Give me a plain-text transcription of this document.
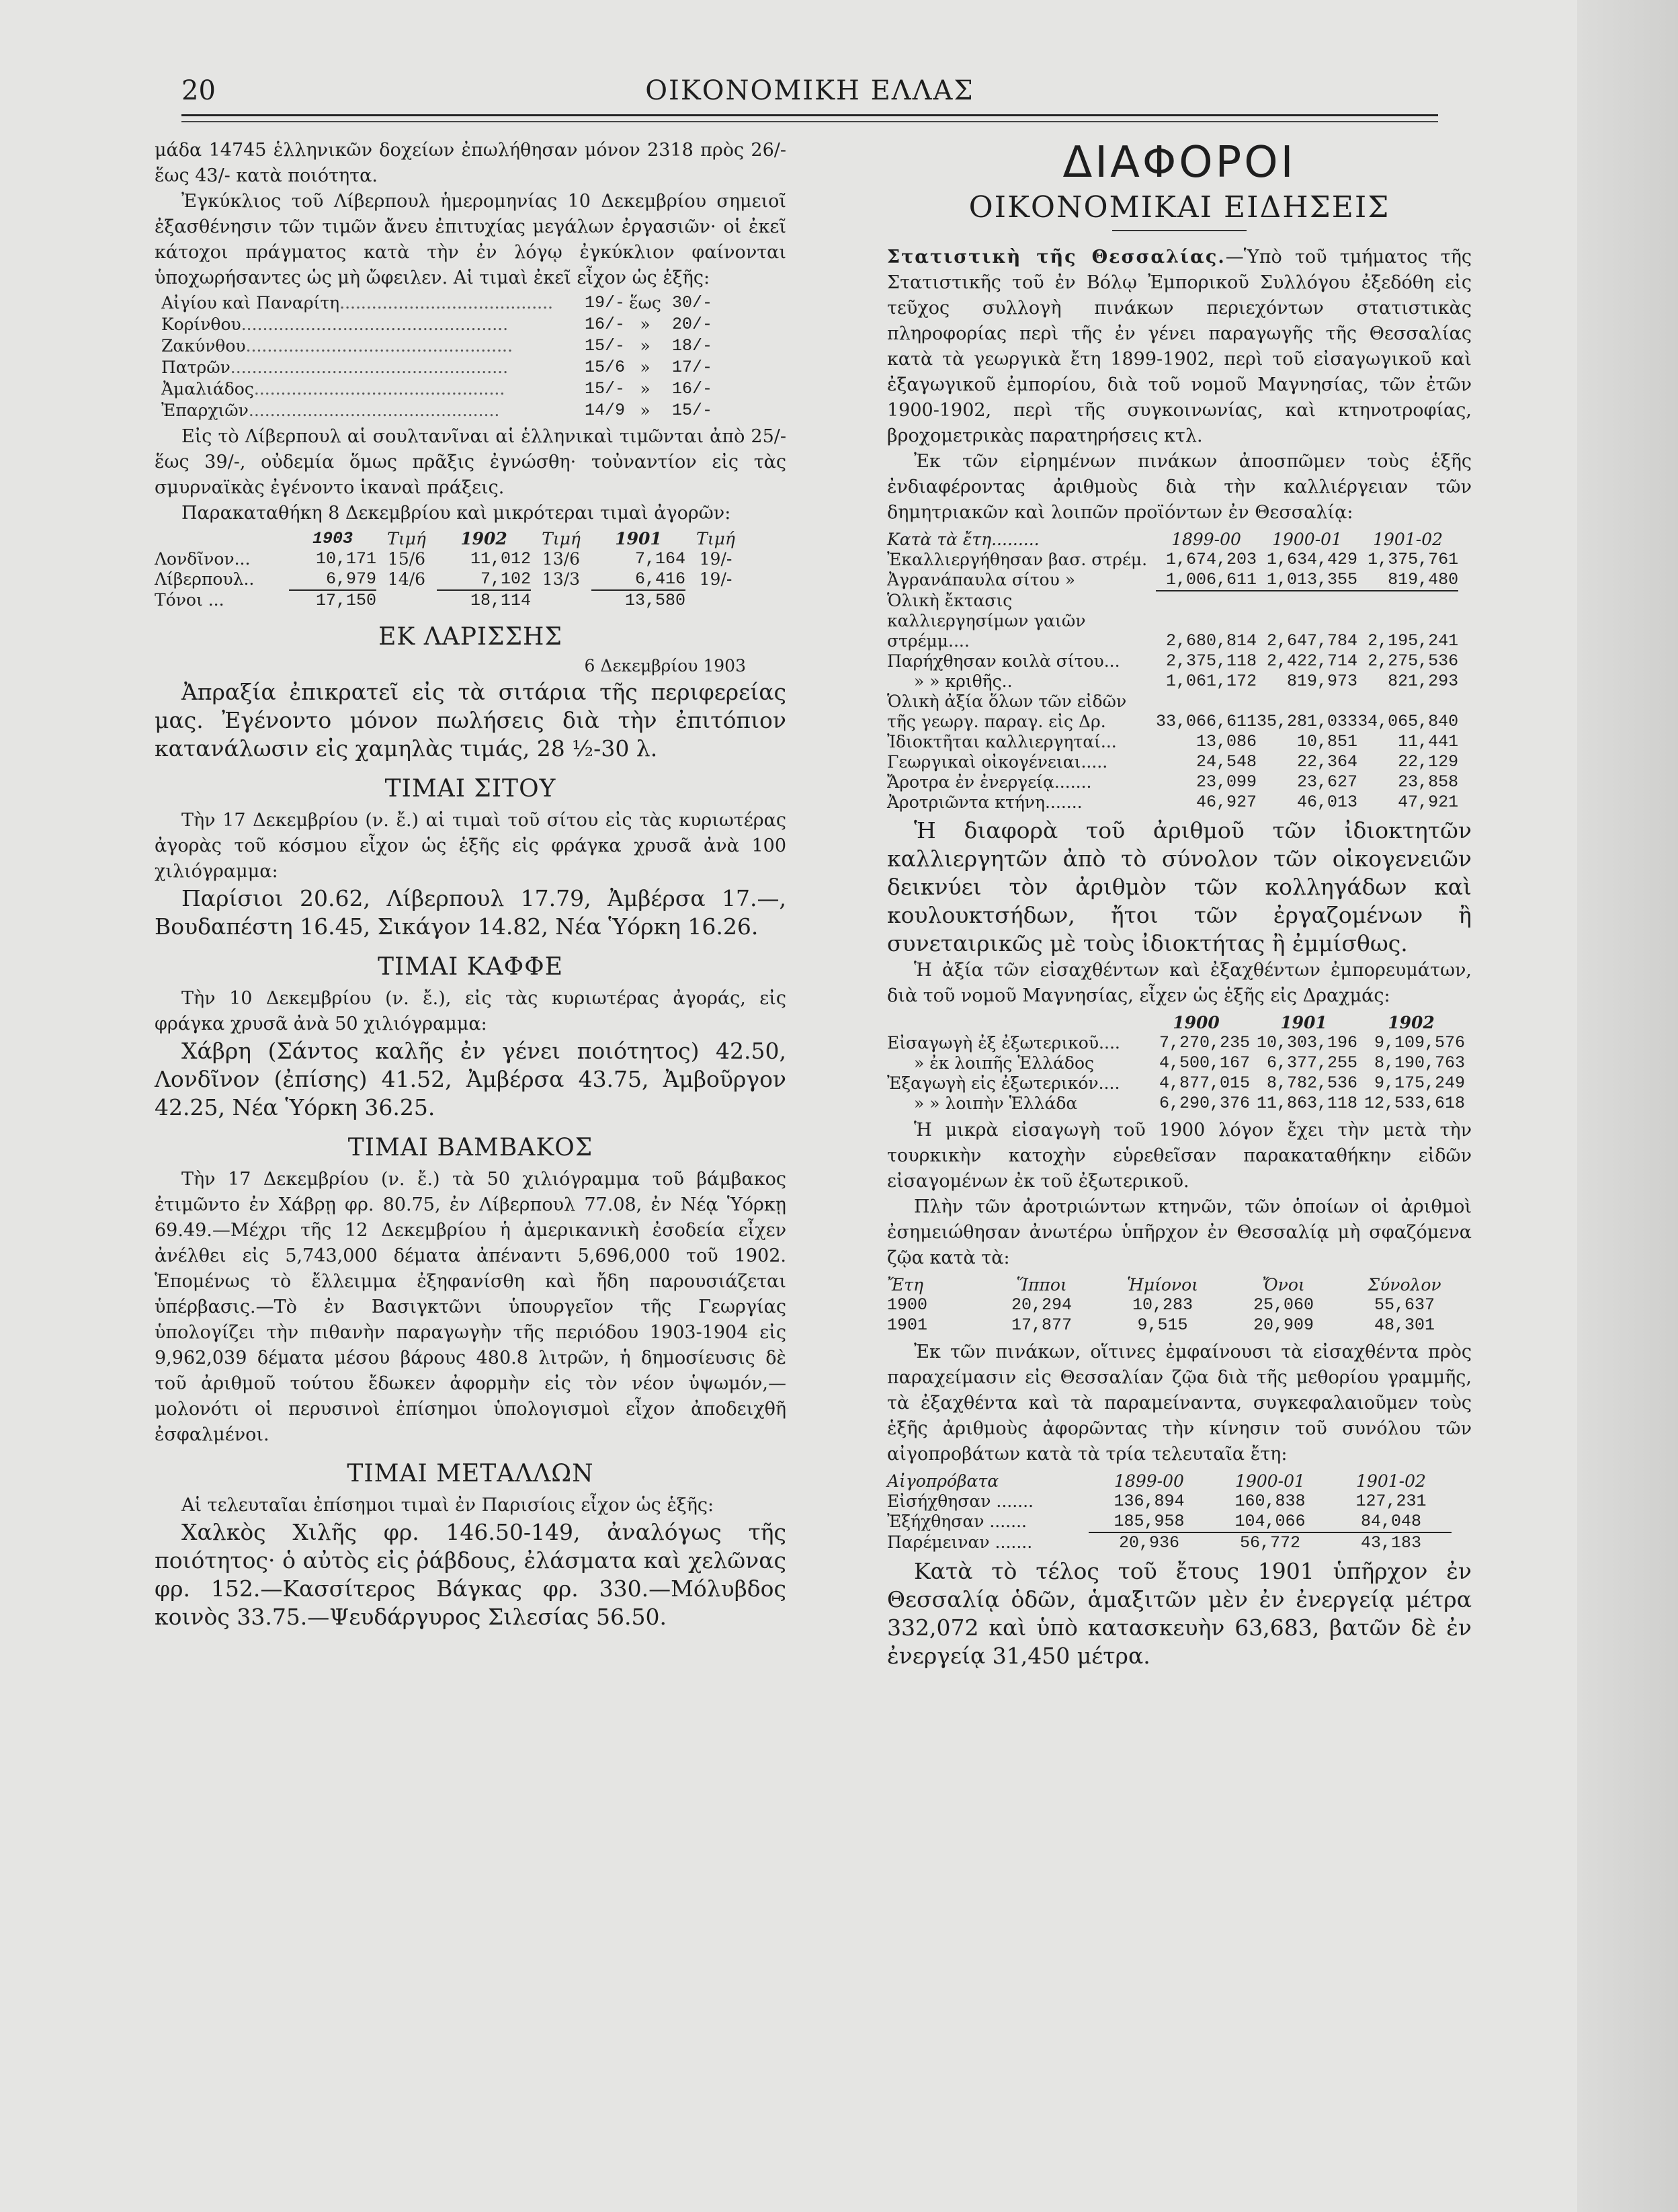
20	ΟΙΚΟΝΟΜΙΚΗ ΕΛΛΑΣ

μάδα 14745 ἑλληνικῶν δοχείων ἐπωλήθησαν μόνον 2318 πρὸς 26/- ἕως 43/- κατὰ ποιότητα.

Ἐγκύκλιος τοῦ Λίβερπουλ ἡμερομηνίας 10 Δεκεμβρίου σημειοῖ ἐξασθένησιν τῶν τιμῶν ἄνευ ἐπιτυχίας μεγάλων ἐργασιῶν· οἱ ἐκεῖ κάτοχοι πράγματος κατὰ τὴν ἐν λόγῳ ἐγκύκλιον φαίνονται ὑποχωρήσαντες ὡς μὴ ὤφειλεν. Αἱ τιμαὶ ἐκεῖ εἶχον ὡς ἑξῆς:

Αἰγίου καὶ Παναρίτη........................................	19/-	ἕως	30/-
Κορίνθου..................................................	16/-	»	20/-
Ζακύνθου..................................................	15/-	»	18/-
Πατρῶν....................................................	15/6	»	17/-
Ἀμαλιάδος...............................................	15/-	»	16/-
Ἐπαρχιῶν...............................................	14/9	»	15/-

Εἰς τὸ Λίβερπουλ αἱ σουλτανῖναι αἱ ἑλληνικαὶ τιμῶνται ἀπὸ 25/- ἕως 39/-, οὐδεμία ὅμως πρᾶξις ἐγνώσθη· τοὐναντίον εἰς τὰς σμυρναϊκὰς ἐγένοντο ἱκαναὶ πράξεις.

Παρακαταθήκη 8 Δεκεμβρίου καὶ μικρότεραι τιμαὶ ἀγορῶν:

	1903	Τιμή	1902	Τιμή	1901	Τιμή
Λονδῖνον...	10,171	15/6	11,012	13/6	7,164	19/-
Λίβερπουλ..	6,979	14/6	7,102	13/3	6,416	19/-
Τόνοι ...	17,150		18,114		13,580	
ΕΚ ΛΑΡΙΣΣΗΣ
6 Δεκεμβρίου 1903

Ἀπραξία ἐπικρατεῖ εἰς τὰ σιτάρια τῆς περιφερείας μας. Ἐγένοντο μόνον πωλήσεις διὰ τὴν ἐπιτόπιον κατανάλωσιν εἰς χαμηλὰς τιμάς, 28 ½-30 λ.

ΤΙΜΑΙ ΣΙΤΟΥ

Τὴν 17 Δεκεμβρίου (ν. ἔ.) αἱ τιμαὶ τοῦ σίτου εἰς τὰς κυριωτέρας ἀγορὰς τοῦ κόσμου εἶχον ὡς ἑξῆς εἰς φράγκα χρυσᾶ ἀνὰ 100 χιλιόγραμμα:

Παρίσιοι 20.62, Λίβερπουλ 17.79, Ἀμβέρσα 17.—, Βουδαπέστη 16.45, Σικάγον 14.82, Νέα Ὑόρκη 16.26.

ΤΙΜΑΙ ΚΑΦΦΕ

Τὴν 10 Δεκεμβρίου (ν. ἔ.), εἰς τὰς κυριωτέρας ἀγοράς, εἰς φράγκα χρυσᾶ ἀνὰ 50 χιλιόγραμμα:

Χάβρη (Σάντος καλῆς ἐν γένει ποιότητος) 42.50, Λονδῖνον (ἐπίσης) 41.52, Ἀμβέρσα 43.75, Ἀμβοῦργον 42.25, Νέα Ὑόρκη 36.25.

ΤΙΜΑΙ ΒΑΜΒΑΚΟΣ

Τὴν 17 Δεκεμβρίου (ν. ἔ.) τὰ 50 χιλιόγραμμα τοῦ βάμβακος ἐτιμῶντο ἐν Χάβρῃ φρ. 80.75, ἐν Λίβερπουλ 77.08, ἐν Νέᾳ Ὑόρκῃ 69.49.—Μέχρι τῆς 12 Δεκεμβρίου ἡ ἀμερικανικὴ ἐσοδεία εἶχεν ἀνέλθει εἰς 5,743,000 δέματα ἀπέναντι 5,696,000 τοῦ 1902. Ἑπομένως τὸ ἔλλειμμα ἐξηφανίσθη καὶ ἤδη παρουσιάζεται ὑπέρβασις.—Τὸ ἐν Βασιγκτῶνι ὑπουργεῖον τῆς Γεωργίας ὑπολογίζει τὴν πιθανὴν παραγωγὴν τῆς περιόδου 1903-1904 εἰς 9,962,039 δέματα μέσου βάρους 480.8 λιτρῶν, ἡ δημοσίευσις δὲ τοῦ ἀριθμοῦ τούτου ἔδωκεν ἀφορμὴν εἰς τὸν νέον ὑψωμόν,—μολονότι οἱ περυσινοὶ ἐπίσημοι ὑπολογισμοὶ εἶχον ἀποδειχθῆ ἐσφαλμένοι.

ΤΙΜΑΙ ΜΕΤΑΛΛΩΝ

Αἱ τελευταῖαι ἐπίσημοι τιμαὶ ἐν Παρισίοις εἶχον ὡς ἑξῆς:

Χαλκὸς Χιλῆς φρ. 146.50-149, ἀναλόγως τῆς ποιότητος· ὁ αὐτὸς εἰς ῥάβδους, ἐλάσματα καὶ χελῶνας φρ. 152.—Κασσίτερος Βάγκας φρ. 330.—Μόλυβδος κοινὸς 33.75.—Ψευδάργυρος Σιλεσίας 56.50.

ΔΙΑΦΟΡΟΙ
ΟΙΚΟΝΟΜΙΚΑΙ ΕΙΔΗΣΕΙΣ

Στατιστικὴ τῆς Θεσσαλίας.—Ὑπὸ τοῦ τμήματος τῆς Στατιστικῆς τοῦ ἐν Βόλῳ Ἐμπορικοῦ Συλλόγου ἐξεδόθη εἰς τεῦχος συλλογὴ πινάκων περιεχόντων στατιστικὰς πληροφορίας περὶ τῆς ἐν γένει παραγωγῆς τῆς Θεσσαλίας κατὰ τὰ γεωργικὰ ἔτη 1899-1902, περὶ τοῦ εἰσαγωγικοῦ καὶ ἐξαγωγικοῦ ἐμπορίου, διὰ τοῦ νομοῦ Μαγνησίας, τῶν ἐτῶν 1900-1902, περὶ τῆς συγκοινωνίας, καὶ κτηνοτροφίας, βροχομετρικὰς παρατηρήσεις κτλ.

Ἐκ τῶν εἰρημένων πινάκων ἀποσπῶμεν τοὺς ἑξῆς ἐνδιαφέροντας ἀριθμοὺς διὰ τὴν καλλιέργειαν τῶν δημητριακῶν καὶ λοιπῶν προϊόντων ἐν Θεσσαλίᾳ:

Κατὰ τὰ ἔτη.........	1899-00	1900-01	1901-02
Ἐκαλλιεργήθησαν βασ. στρέμ.	1,674,203	1,634,429	1,375,761
Ἀγρανάπαυλα σίτου »	1,006,611	1,013,355	819,480
Ὁλικὴ ἔκτασις καλλιεργησίμων γαιῶν στρέμμ....	2,680,814	2,647,784	2,195,241
Παρήχθησαν κοιλὰ σίτου...	2,375,118	2,422,714	2,275,536
» » κριθῆς..	1,061,172	819,973	821,293
Ὁλικὴ ἀξία ὅλων τῶν εἰδῶν τῆς γεωργ. παραγ. εἰς Δρ.	33,066,611	35,281,033	34,065,840
Ἰδιοκτῆται καλλιεργηταί...	13,086	10,851	11,441
Γεωργικαὶ οἰκογένειαι.....	24,548	22,364	22,129
Ἄροτρα ἐν ἐνεργείᾳ.......	23,099	23,627	23,858
Ἀροτριῶντα κτήνη.......	46,927	46,013	47,921

Ἡ διαφορὰ τοῦ ἀριθμοῦ τῶν ἰδιοκτητῶν καλλιεργητῶν ἀπὸ τὸ σύνολον τῶν οἰκογενειῶν δεικνύει τὸν ἀριθμὸν τῶν κολληγάδων καὶ κουλουκτσήδων, ἤτοι τῶν ἐργαζομένων ἢ συνεταιρικῶς μὲ τοὺς ἰδιοκτήτας ἢ ἐμμίσθως.

Ἡ ἀξία τῶν εἰσαχθέντων καὶ ἐξαχθέντων ἐμπορευμάτων, διὰ τοῦ νομοῦ Μαγνησίας, εἶχεν ὡς ἑξῆς εἰς Δραχμάς:

	1900	1901	1902
Εἰσαγωγὴ ἐξ ἐξωτερικοῦ....	7,270,235	10,303,196	9,109,576
» ἐκ λοιπῆς Ἑλλάδος	4,500,167	6,377,255	8,190,763
Ἐξαγωγὴ εἰς ἐξωτερικόν....	4,877,015	8,782,536	9,175,249
» » λοιπὴν Ἑλλάδα	6,290,376	11,863,118	12,533,618

Ἡ μικρὰ εἰσαγωγὴ τοῦ 1900 λόγον ἔχει τὴν μετὰ τὴν τουρκικὴν κατοχὴν εὑρεθεῖσαν παρακαταθήκην εἰδῶν εἰσαγομένων ἐκ τοῦ ἐξωτερικοῦ.

Πλὴν τῶν ἀροτριώντων κτηνῶν, τῶν ὁποίων οἱ ἀριθμοὶ ἐσημειώθησαν ἀνωτέρω ὑπῆρχον ἐν Θεσσαλίᾳ μὴ σφαζόμενα ζῷα κατὰ τὰ:

Ἔτη	Ἵπποι	Ἡμίονοι	Ὄνοι	Σύνολον
1900	20,294	10,283	25,060	55,637
1901	17,877	9,515	20,909	48,301

Ἐκ τῶν πινάκων, οἵτινες ἐμφαίνουσι τὰ εἰσαχθέντα πρὸς παραχείμασιν εἰς Θεσσαλίαν ζῷα διὰ τῆς μεθορίου γραμμῆς, τὰ ἐξαχθέντα καὶ τὰ παραμείναντα, συγκεφαλαιοῦμεν τοὺς ἑξῆς ἀριθμοὺς ἀφορῶντας τὴν κίνησιν τοῦ συνόλου τῶν αἰγοπροβάτων κατὰ τὰ τρία τελευταῖα ἔτη:

Αἰγοπρόβατα	1899-00	1900-01	1901-02
Εἰσήχθησαν .......	136,894	160,838	127,231
Ἐξήχθησαν .......	185,958	104,066	84,048
Παρέμειναν .......	20,936	56,772	43,183

Κατὰ τὸ τέλος τοῦ ἔτους 1901 ὑπῆρχον ἐν Θεσσαλίᾳ ὁδῶν, ἁμαξιτῶν μὲν ἐν ἐνεργείᾳ μέτρα 332,072 καὶ ὑπὸ κατασκευὴν 63,683, βατῶν δὲ ἐν ἐνεργείᾳ 31,450 μέτρα.
